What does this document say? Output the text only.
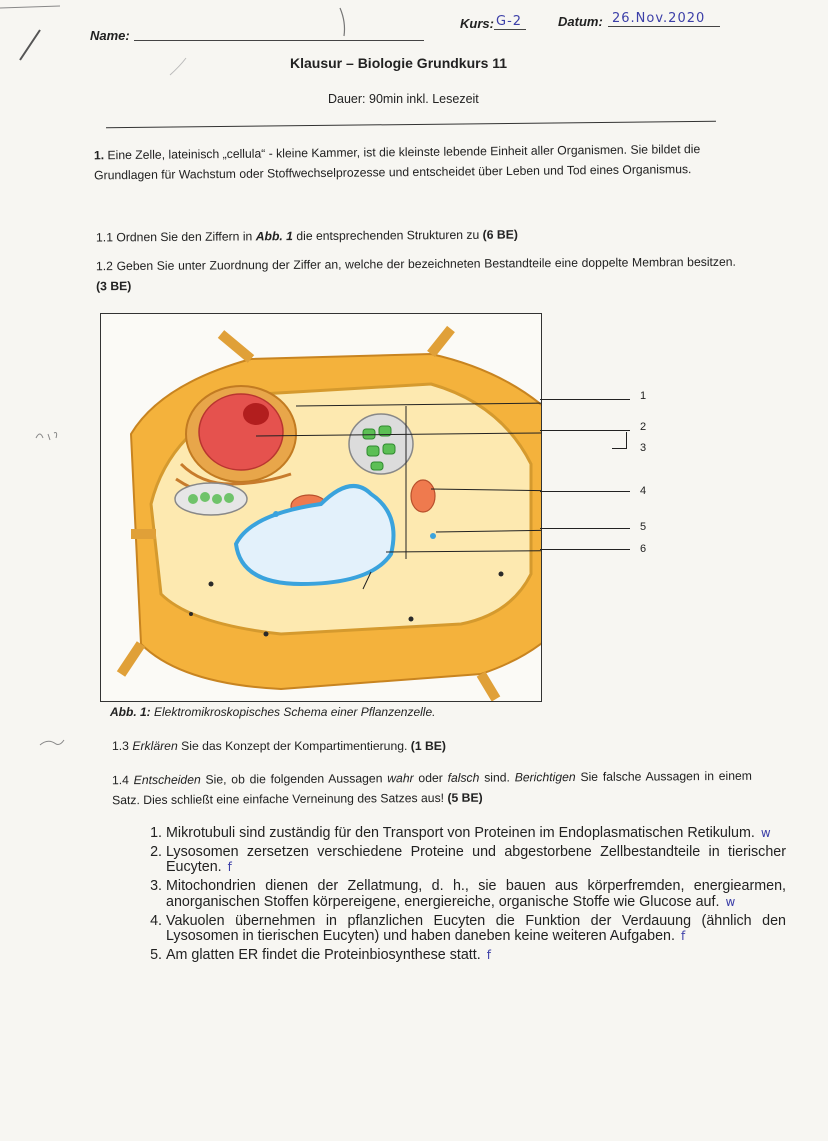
Name:
Kurs: G-2	Datum: 26.Nov.2020
Klausur – Biologie Grundkurs 11
Dauer: 90min inkl. Lesezeit
1. Eine Zelle, lateinisch „cellula“ - kleine Kammer, ist die kleinste lebende Einheit aller Organismen. Sie bildet die Grundlagen für Wachstum oder Stoffwechselprozesse und entscheidet über Leben und Tod eines Organismus.
1.1 Ordnen Sie den Ziffern in Abb. 1 die entsprechenden Strukturen zu (6 BE)
1.2 Geben Sie unter Zuordnung der Ziffer an, welche der bezeichneten Bestandteile eine doppelte Membran besitzen. (3 BE)
1
2
3
4
5
6
Abb. 1: Elektromikroskopisches Schema einer Pflanzenzelle.
1.3 Erklären Sie das Konzept der Kompartimentierung. (1 BE)
1.4 Entscheiden Sie, ob die folgenden Aussagen wahr oder falsch sind. Berichtigen Sie falsche Aussagen in einem Satz. Dies schließt eine einfache Verneinung des Satzes aus! (5 BE)
1. Mikrotubuli sind zuständig für den Transport von Proteinen im Endoplasmatischen Retikulum. w
2. Lysosomen zersetzen verschiedene Proteine und abgestorbene Zellbestandteile in tierischer Eucyten. f
3. Mitochondrien dienen der Zellatmung, d. h., sie bauen aus körperfremden, energiearmen, anorganischen Stoffen körpereigene, energiereiche, organische Stoffe wie Glucose auf. w
4. Vakuolen übernehmen in pflanzlichen Eucyten die Funktion der Verdauung (ähnlich den Lysosomen in tierischen Eucyten) und haben daneben keine weiteren Aufgaben. f
5. Am glatten ER findet die Proteinbiosynthese statt. f
